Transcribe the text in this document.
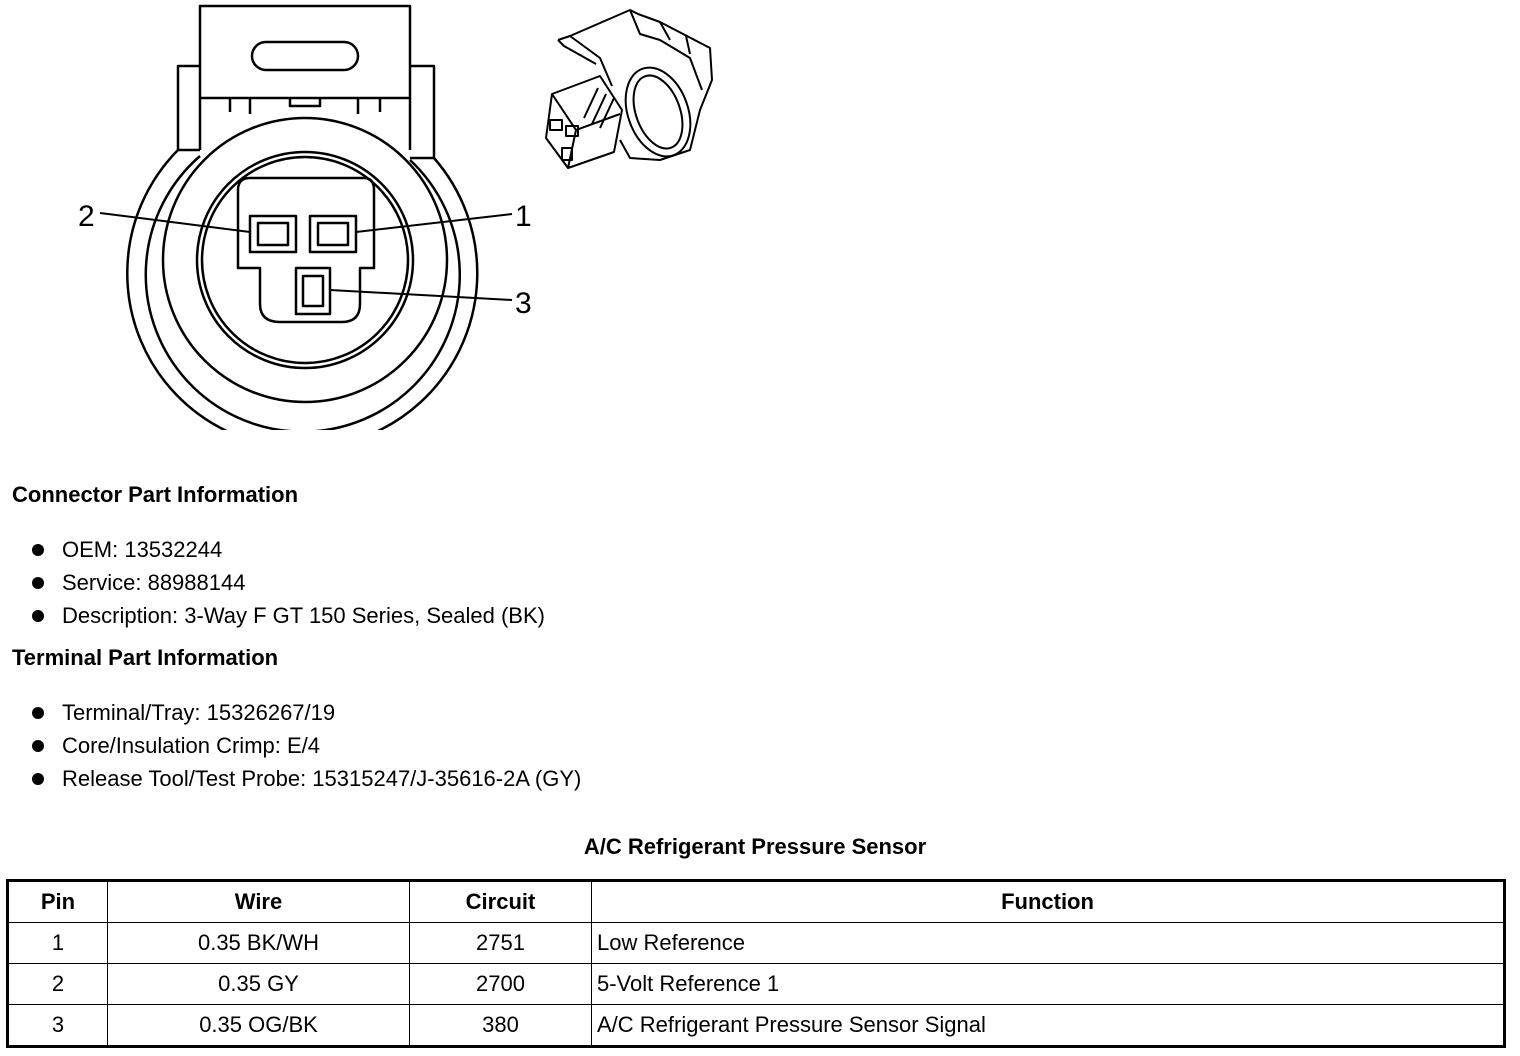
2	1
3
Connector Part Information
OEM: 13532244
Service: 88988144
Description: 3-Way F GT 150 Series, Sealed (BK)
Terminal Part Information
Terminal/Tray: 15326267/19
Core/Insulation Crimp: E/4
Release Tool/Test Probe: 15315247/J-35616-2A (GY)
A/C Refrigerant Pressure Sensor
Pin	Wire	Circuit	Function
1	0.35 BK/WH	2751	Low Reference
2	0.35 GY	2700	5-Volt Reference 1
3	0.35 OG/BK	380	A/C Refrigerant Pressure Sensor Signal
